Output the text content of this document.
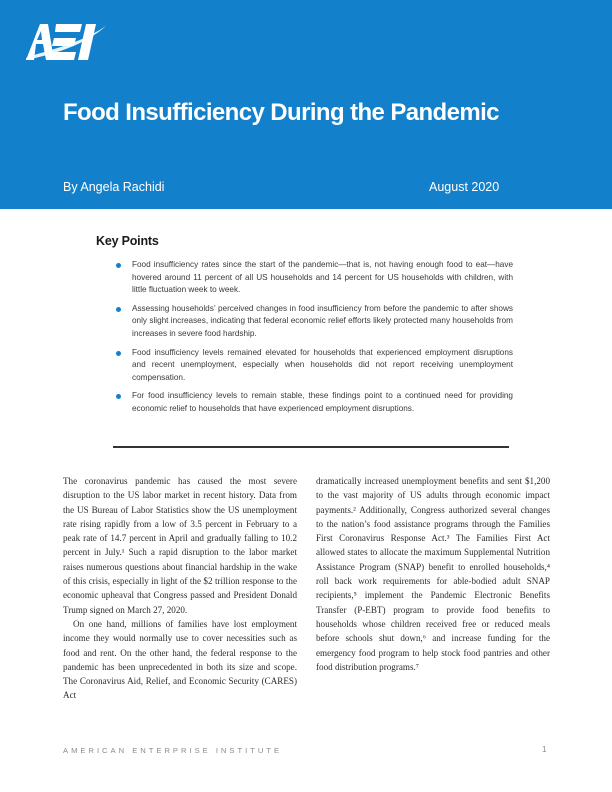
Food Insufficiency During the Pandemic
By Angela Rachidi	August 2020
Key Points
Food insufficiency rates since the start of the pandemic—that is, not having enough food to eat—have hovered around 11 percent of all US households and 14 percent for US households with children, with little fluctuation week to week.
Assessing households’ perceived changes in food insufficiency from before the pandemic to after shows only slight increases, indicating that federal economic relief efforts likely protected many households from increases in severe food hardship.
Food insufficiency levels remained elevated for households that experienced employment disruptions and recent unemployment, especially when households did not report receiving unemployment compensation.
For food insufficiency levels to remain stable, these findings point to a continued need for providing economic relief to households that have experienced employment disruptions.

The coronavirus pandemic has caused the most severe disruption to the US labor market in recent history. Data from the US Bureau of Labor Statistics show the US unemployment rate rising rapidly from a low of 3.5 percent in February to a peak rate of 14.7 percent in April and gradually falling to 10.2 percent in July.¹ Such a rapid disruption to the labor market raises numerous questions about financial hardship in the wake of this crisis, especially in light of the $2 trillion response to the economic upheaval that Congress passed and President Donald Trump signed on March 27, 2020.

On one hand, millions of families have lost employment income they would normally use to cover necessities such as food and rent. On the other hand, the federal response to the pandemic has been unprecedented in both its size and scope. The Coronavirus Aid, Relief, and Economic Security (CARES) Act

dramatically increased unemployment benefits and sent $1,200 to the vast majority of US adults through economic impact payments.² Additionally, Congress authorized several changes to the nation’s food assistance programs through the Families First Coronavirus Response Act.³ The Families First Act allowed states to allocate the maximum Supplemental Nutrition Assistance Program (SNAP) benefit to enrolled households,⁴ roll back work requirements for able-bodied adult SNAP recipients,⁵ implement the Pandemic Electronic Benefits Transfer (P-EBT) program to provide food benefits to households whose children received free or reduced meals before schools shut down,⁶ and increase funding for the emergency food program to help stock food pantries and other food distribution programs.⁷

AMERICAN ENTERPRISE INSTITUTE	1
